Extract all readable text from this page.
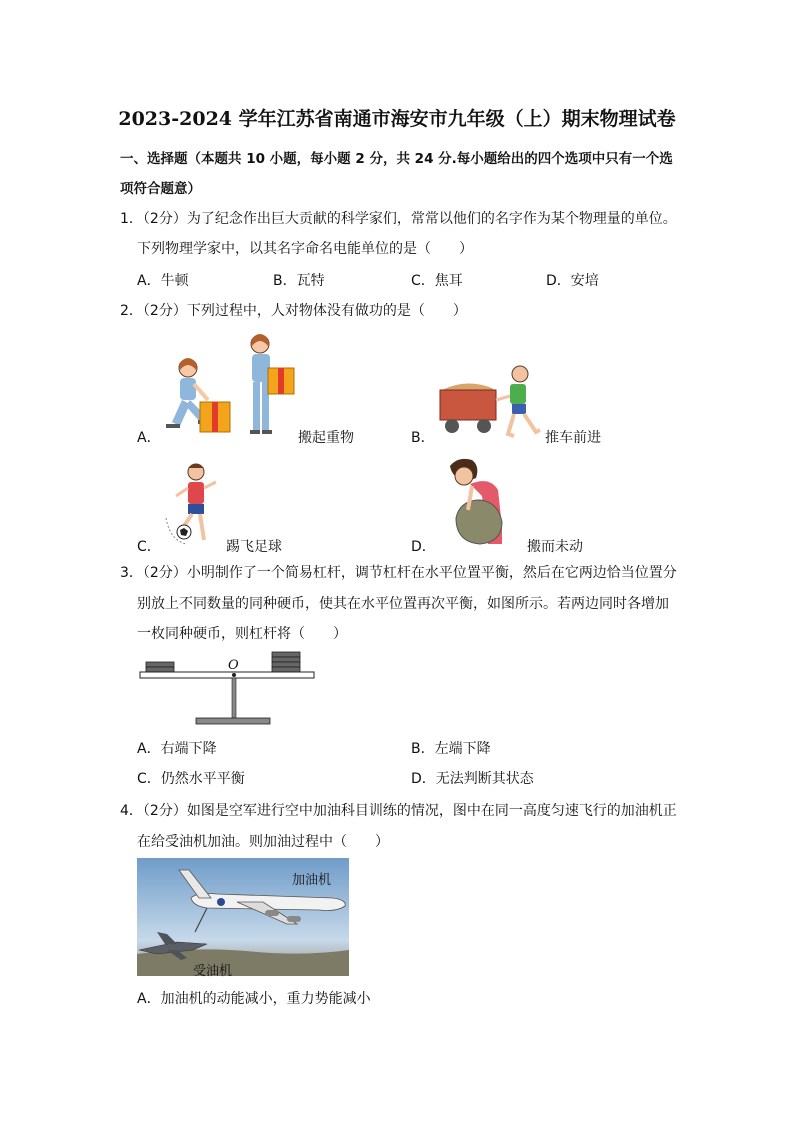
2023-2024 学年江苏省南通市海安市九年级（上）期末物理试卷
一、选择题（本题共 10 小题，每小题 2 分，共 24 分.每小题给出的四个选项中只有一个选
项符合题意）
1．（2分）为了纪念作出巨大贡献的科学家们，常常以他们的名字作为某个物理量的单位。
下列物理学家中，以其名字命名电能单位的是（　　）
A．牛顿	B．瓦特	C．焦耳	D．安培
2．（2分）下列过程中，人对物体没有做功的是（　　）
A．	搬起重物	B．	推车前进
C．	踢飞足球	D．	搬而未动
3．（2分）小明制作了一个简易杠杆，调节杠杆在水平位置平衡，然后在它两边恰当位置分
别放上不同数量的同种硬币，使其在水平位置再次平衡，如图所示。若两边同时各增加
一枚同种硬币，则杠杆将（　　）
O
A．右端下降	B．左端下降
C．仍然水平平衡	D．无法判断其状态
4．（2分）如图是空军进行空中加油科目训练的情况，图中在同一高度匀速飞行的加油机正
在给受油机加油。则加油过程中（　　）
加油机
受油机
A．加油机的动能减小，重力势能减小
